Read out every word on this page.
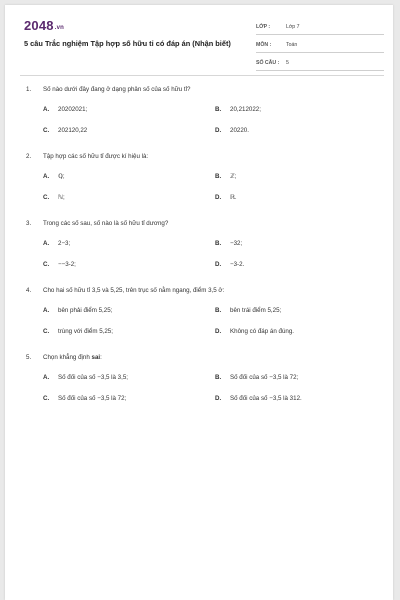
2048.vn
5 câu Trắc nghiệm Tập hợp số hữu tỉ có đáp án (Nhận biết)
LỚP :	Lớp 7
MÔN :	Toán
SỐ CÂU :	5
1. Số nào dưới đây đang ở dạng phân số của số hữu tỉ?
A. 20202021;	B. 20,212022;
C. 202120,22	D. 20220.
2. Tập hợp các số hữu tỉ được kí hiệu là:
A. ℚ;	B. ℤ;
C. ℕ;	D. ℝ.
3. Trong các số sau, số nào là số hữu tỉ dương?
A. 2−3;	B. −32;
C. −−3-2;	D. −3-2.
4. Cho hai số hữu tỉ 3,5 và 5,25, trên trục số nằm ngang, điểm 3,5 ở:
A. bên phải điểm 5,25;	B. bên trái điểm 5,25;
C. trùng với điểm 5,25;	D. Không có đáp án đúng.
5. Chọn khẳng định sai:
A. Số đối của số −3,5 là 3,5;	B. Số đối của số −3,5 là 72;
C. Số đối của số −3,5 là 72;	D. Số đối của số −3,5 là 312.
